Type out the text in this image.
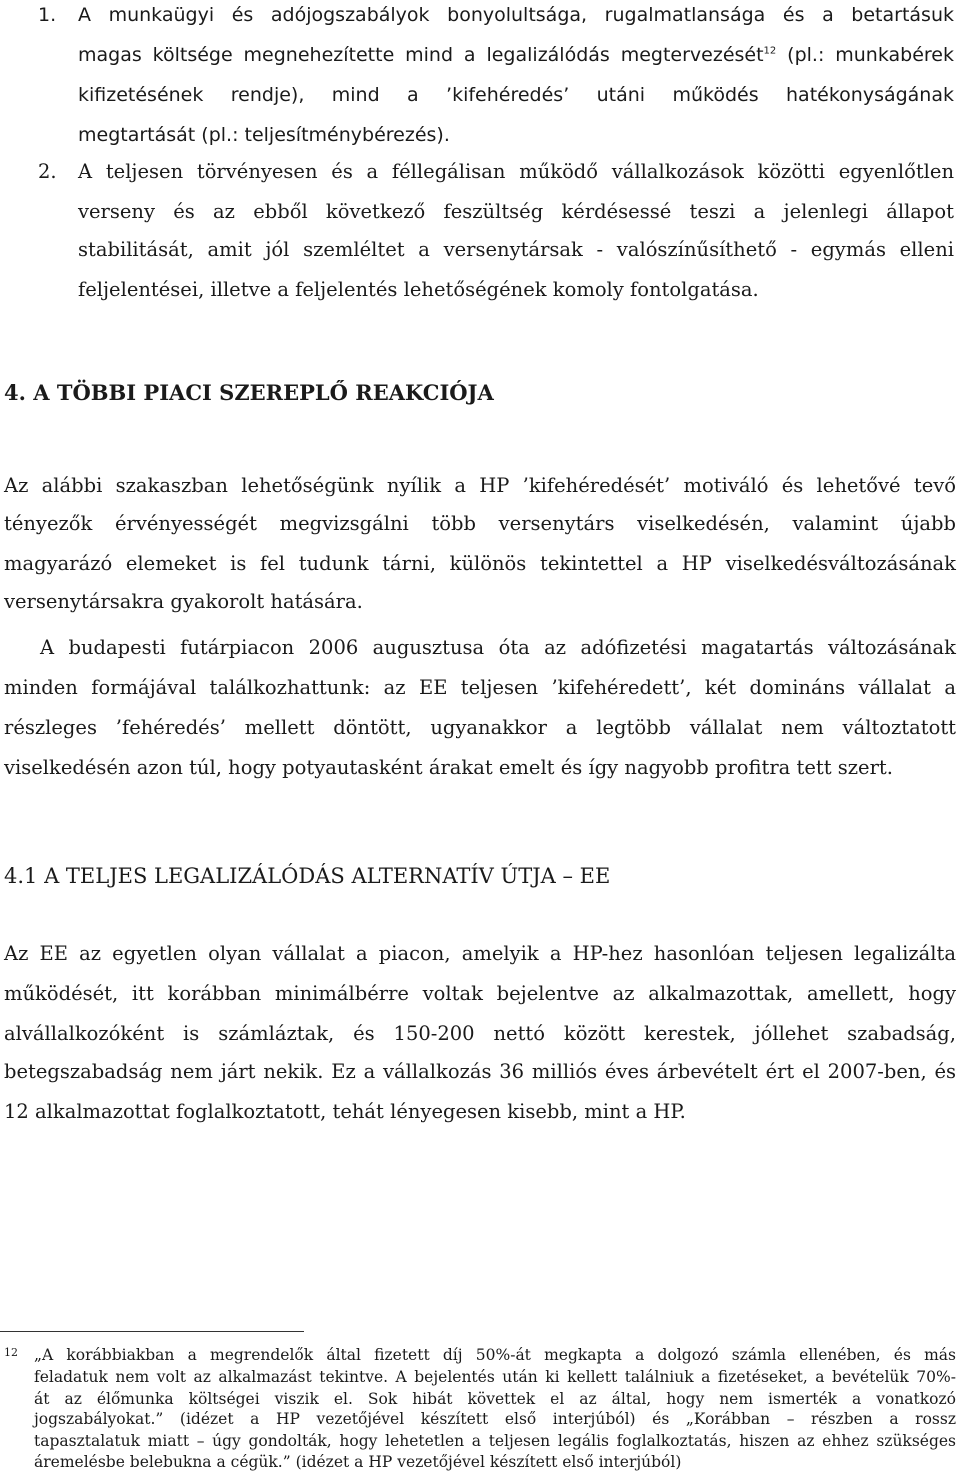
1. A munkaügyi és adójogszabályok bonyolultsága, rugalmatlansága és a betartásuk
magas költsége megnehezítette mind a legalizálódás megtervezését$^{12}$ (pl.: munkabérek
kifizetésének rendje), mind a ’kifehéredés’ utáni működés hatékonyságának
megtartását (pl.: teljesítménybérezés).
2. A teljesen törvényesen és a féllegálisan működő vállalkozások közötti egyenlőtlen
verseny és az ebből következő feszültség kérdésessé teszi a jelenlegi állapot
stabilitását, amit jól szemléltet a versenytársak - valószínűsíthető - egymás elleni
feljelentései, illetve a feljelentés lehetőségének komoly fontolgatása.
4. A TÖBBI PIACI SZEREPLŐ REAKCIÓJA
Az alábbi szakaszban lehetőségünk nyílik a HP ’kifehéredését’ motiváló és lehetővé tevő
tényezők érvényességét megvizsgálni több versenytárs viselkedésén, valamint újabb
magyarázó elemeket is fel tudunk tárni, különös tekintettel a HP viselkedésváltozásának
versenytársakra gyakorolt hatására.
A budapesti futárpiacon 2006 augusztusa óta az adófizetési magatartás változásának
minden formájával találkozhattunk: az EE teljesen ’kifehéredett’, két domináns vállalat a
részleges ’fehéredés’ mellett döntött, ugyanakkor a legtöbb vállalat nem változtatott
viselkedésén azon túl, hogy potyautasként árakat emelt és így nagyobb profitra tett szert.
4.1 A TELJES LEGALIZÁLÓDÁS ALTERNATÍV ÚTJA – EE
Az EE az egyetlen olyan vállalat a piacon, amelyik a HP-hez hasonlóan teljesen legalizálta
működését, itt korábban minimálbérre voltak bejelentve az alkalmazottak, amellett, hogy
alvállalkozóként is számláztak, és 150-200 nettó között kerestek, jóllehet szabadság,
betegszabadság nem járt nekik. Ez a vállalkozás 36 milliós éves árbevételt ért el 2007-ben, és
12 alkalmazottat foglalkoztatott, tehát lényegesen kisebb, mint a HP.
12 „A korábbiakban a megrendelők által fizetett díj 50%-át megkapta a dolgozó számla ellenében, és más
feladatuk nem volt az alkalmazást tekintve. A bejelentés után ki kellett találniuk a fizetéseket, a bevételük 70%-
át az élőmunka költségei viszik el. Sok hibát követtek el az által, hogy nem ismerték a vonatkozó
jogszabályokat.” (idézet a HP vezetőjével készített első interjúból) és „Korábban – részben a rossz
tapasztalatuk miatt – úgy gondolták, hogy lehetetlen a teljesen legális foglalkoztatás, hiszen az ehhez szükséges
áremelésbe belebukna a cégük.” (idézet a HP vezetőjével készített első interjúból)
